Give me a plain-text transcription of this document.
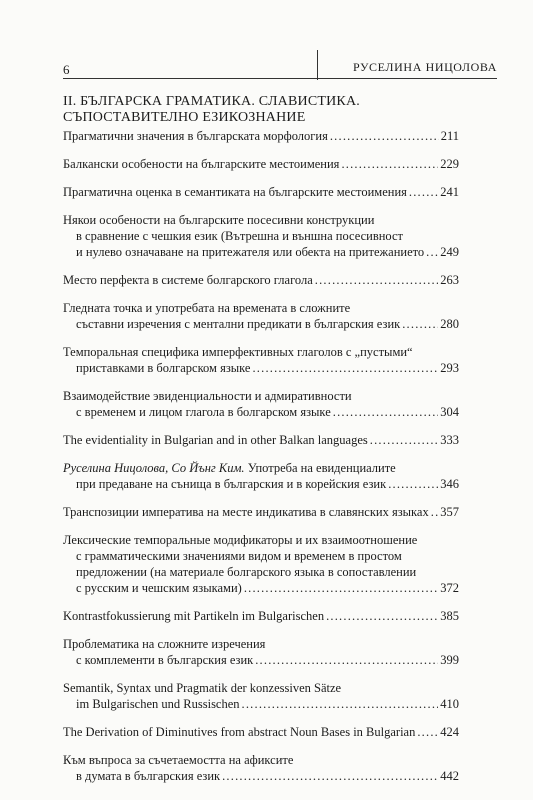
6	РУСЕЛИНА НИЦОЛОВА
II. БЪЛГАРСКА ГРАМАТИКА. СЛАВИСТИКА.
СЪПОСТАВИТЕЛНО ЕЗИКОЗНАНИЕ
Прагматични значения в българската морфология .....	211
Балкански особености на българските местоимения .....	229
Прагматична оценка в семантиката на българските местоимения .....	241
Някои особености на българските посесивни конструкции
в сравнение с чешкия език (Вътрешна и външна посесивност
и нулево означаване на притежателя или обекта на притежанието ..... 249
Место перфекта в системе болгарского глагола .....	263
Гледната точка и употребата на времената в сложните
съставни изречения с ментални предикати в българския език .....	280
Темпоральная специфика имперфективных глаголов с „пустыми“
приставками в болгарском языке .....	293
Взаимодействие эвиденциальности и адмиративности
с временем и лицом глагола в болгарском языке .....	304
The evidentiality in Bulgarian and in other Balkan languages .....	333
Руселина Ницолова, Со Йънг Ким. Употреба на евиденциалите
при предаване на сънища в българския и в корейския език .....	346
Транспозиции императива на месте индикатива в славянских языках ..... 357
Лексические темпоральные модификаторы и их взаимоотношение
с грамматическими значениями видом и временем в простом
предложении (на материале болгарского языка в сопоставлении
с русским и чешским языками) .....	372
Kontrastfokussierung mit Partikeln im Bulgarischen .....	385
Проблематика на сложните изречения
с комплементи в българския език .....	399
Semantik, Syntax und Pragmatik der konzessiven Sätze
im Bulgarischen und Russischen .....	410
The Derivation of Diminutives from abstract Noun Bases in Bulgarian ..... 424
Към въпроса за съчетаемостта на афиксите
в думата в българския език .....	442
